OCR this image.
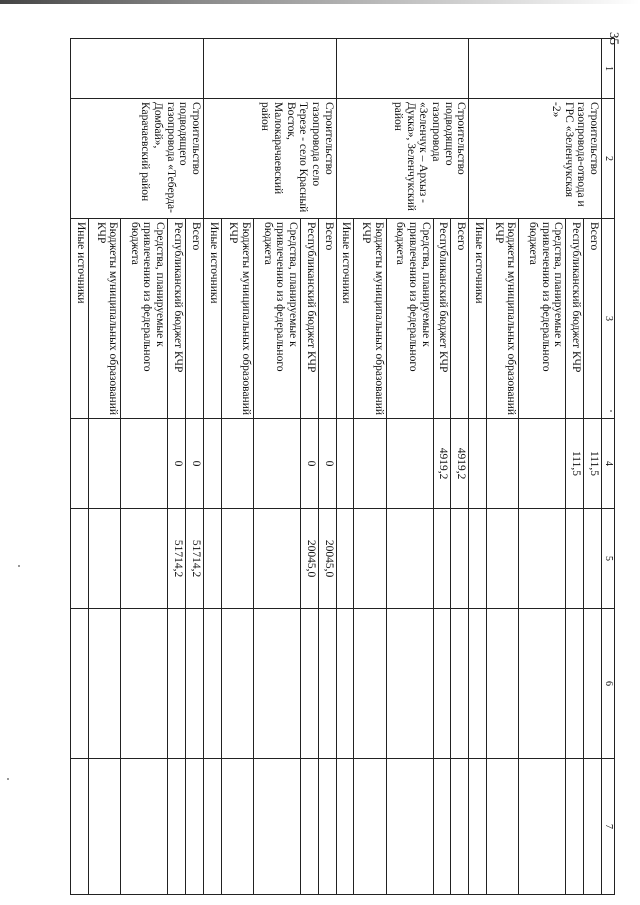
35
1	2	3	4	5	6	7
	Строительство газопровода-отвода и ГРС «Зеленчукская -2»	Всего	111,5			
		Республиканский бюджет КЧР	111,5			
		Средства, планируемые к привлечению из федерального бюджета				
		Бюджеты муниципальных образований КЧР				
		Иные источники				
	Строительство подводящего газопровода «Зеленчук – Архыз - Дукка», Зеленчукский район	Всего	4919,2			
		Республиканский бюджет КЧР	4919,2			
		Средства, планируемые к привлечению из федерального бюджета				
		Бюджеты муниципальных образований КЧР				
		Иные источники				
	Строительство газопровода село Терезе - село Красный Восток, Малокарачаевский район	Всего	0	20045,0		
		Республиканский бюджет КЧР	0	20045,0		
		Средства, планируемые к привлечению из федерального бюджета				
		Бюджеты муниципальных образований КЧР				
		Иные источники				
	Строительство подводящего газопровода «Теберда-Домбай», Карачаевский район	Всего	0	51714,2		
		Республиканский бюджет КЧР	0	51714,2		
		Средства, планируемые к привлечению из федерального бюджета				
		Бюджеты муниципальных образований КЧР				
		Иные источники				
